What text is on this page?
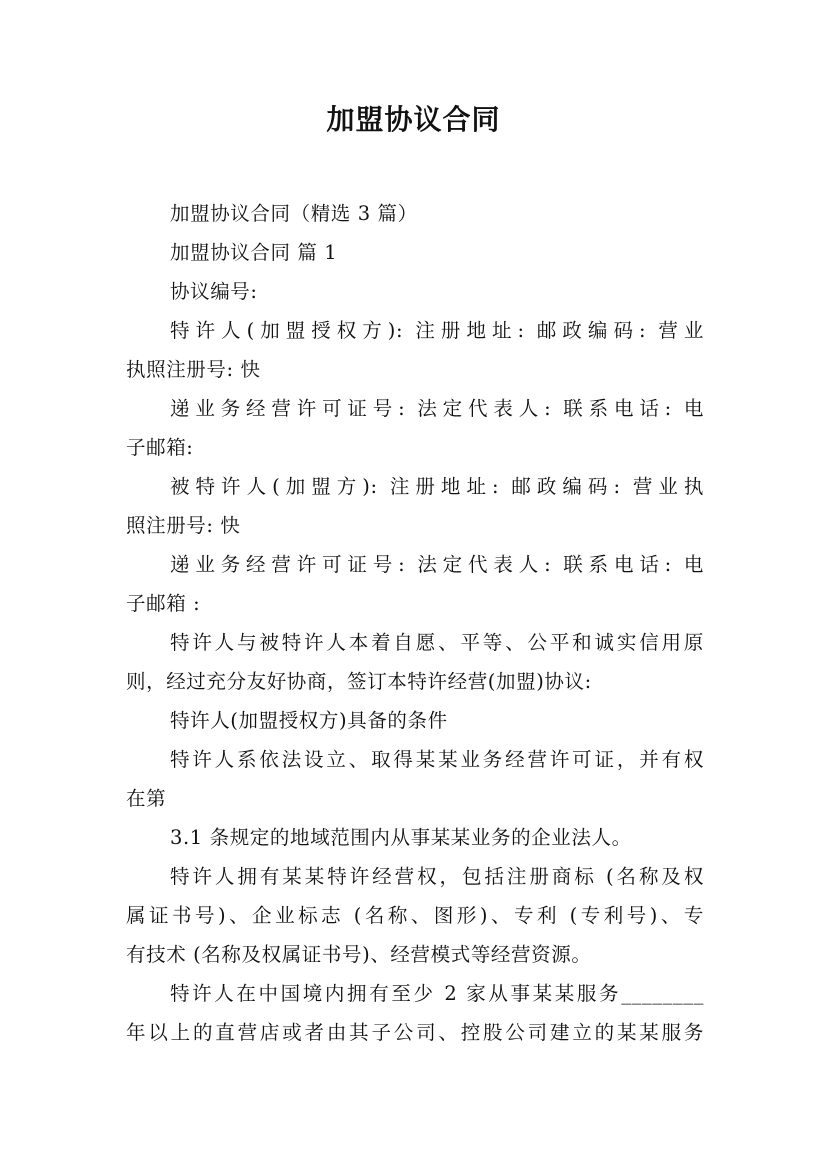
加盟协议合同
加盟协议合同（精选 3 篇）
加盟协议合同 篇 1
协议编号:
特许人(加盟授权方): 注册地址: 邮政编码: 营业
执照注册号: 快
递业务经营许可证号: 法定代表人: 联系电话: 电
子邮箱:
被特许人(加盟方): 注册地址: 邮政编码: 营业执
照注册号: 快
递业务经营许可证号: 法定代表人: 联系电话: 电
子邮箱 :
特许人与被特许人本着自愿、平等、公平和诚实信用原
则，经过充分友好协商，签订本特许经营(加盟)协议:
特许人(加盟授权方)具备的条件
特许人系依法设立、取得某某业务经营许可证，并有权
在第
3.1 条规定的地域范围内从事某某业务的企业法人。
特许人拥有某某特许经营权，包括注册商标 (名称及权
属证书号)、企业标志 (名称、图形)、专利 (专利号)、专
有技术 (名称及权属证书号)、经营模式等经营资源。
特许人在中国境内拥有至少 2 家从事某某服务________
年以上的直营店或者由其子公司、控股公司建立的某某服务
